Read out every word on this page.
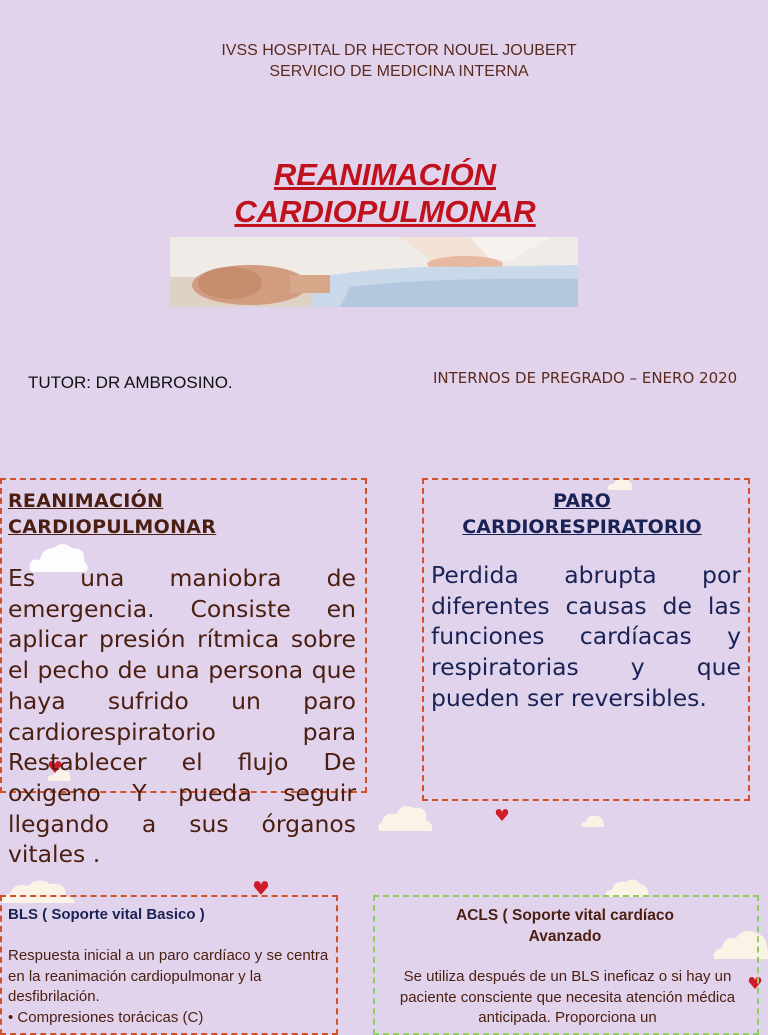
IVSS HOSPITAL DR HECTOR NOUEL JOUBERT
SERVICIO DE MEDICINA INTERNA
REANIMACIÓN
CARDIOPULMONAR
TUTOR: DR AMBROSINO.	INTERNOS DE PREGRADO – ENERO 2020
REANIMACIÓN
CARDIOPULMONAR
Es una maniobra de emergencia. Consiste en aplicar presión rítmica sobre el pecho de una persona que haya sufrido un paro cardiorespiratorio para Restablecer el flujo De oxigeno Y pueda seguir llegando a sus órganos vitales .
PARO
CARDIORESPIRATORIO
Perdida abrupta por diferentes causas de las funciones cardíacas y respiratorias y que pueden ser reversibles.
BLS ( Soporte vital Basico )
Respuesta inicial a un paro cardíaco y se centra en la reanimación cardiopulmonar y la desfibrilación.
• Compresiones torácicas (C)
ACLS ( Soporte vital cardíaco
Avanzado
Se utiliza después de un BLS ineficaz o si hay un paciente consciente que necesita atención médica anticipada. Proporciona un
